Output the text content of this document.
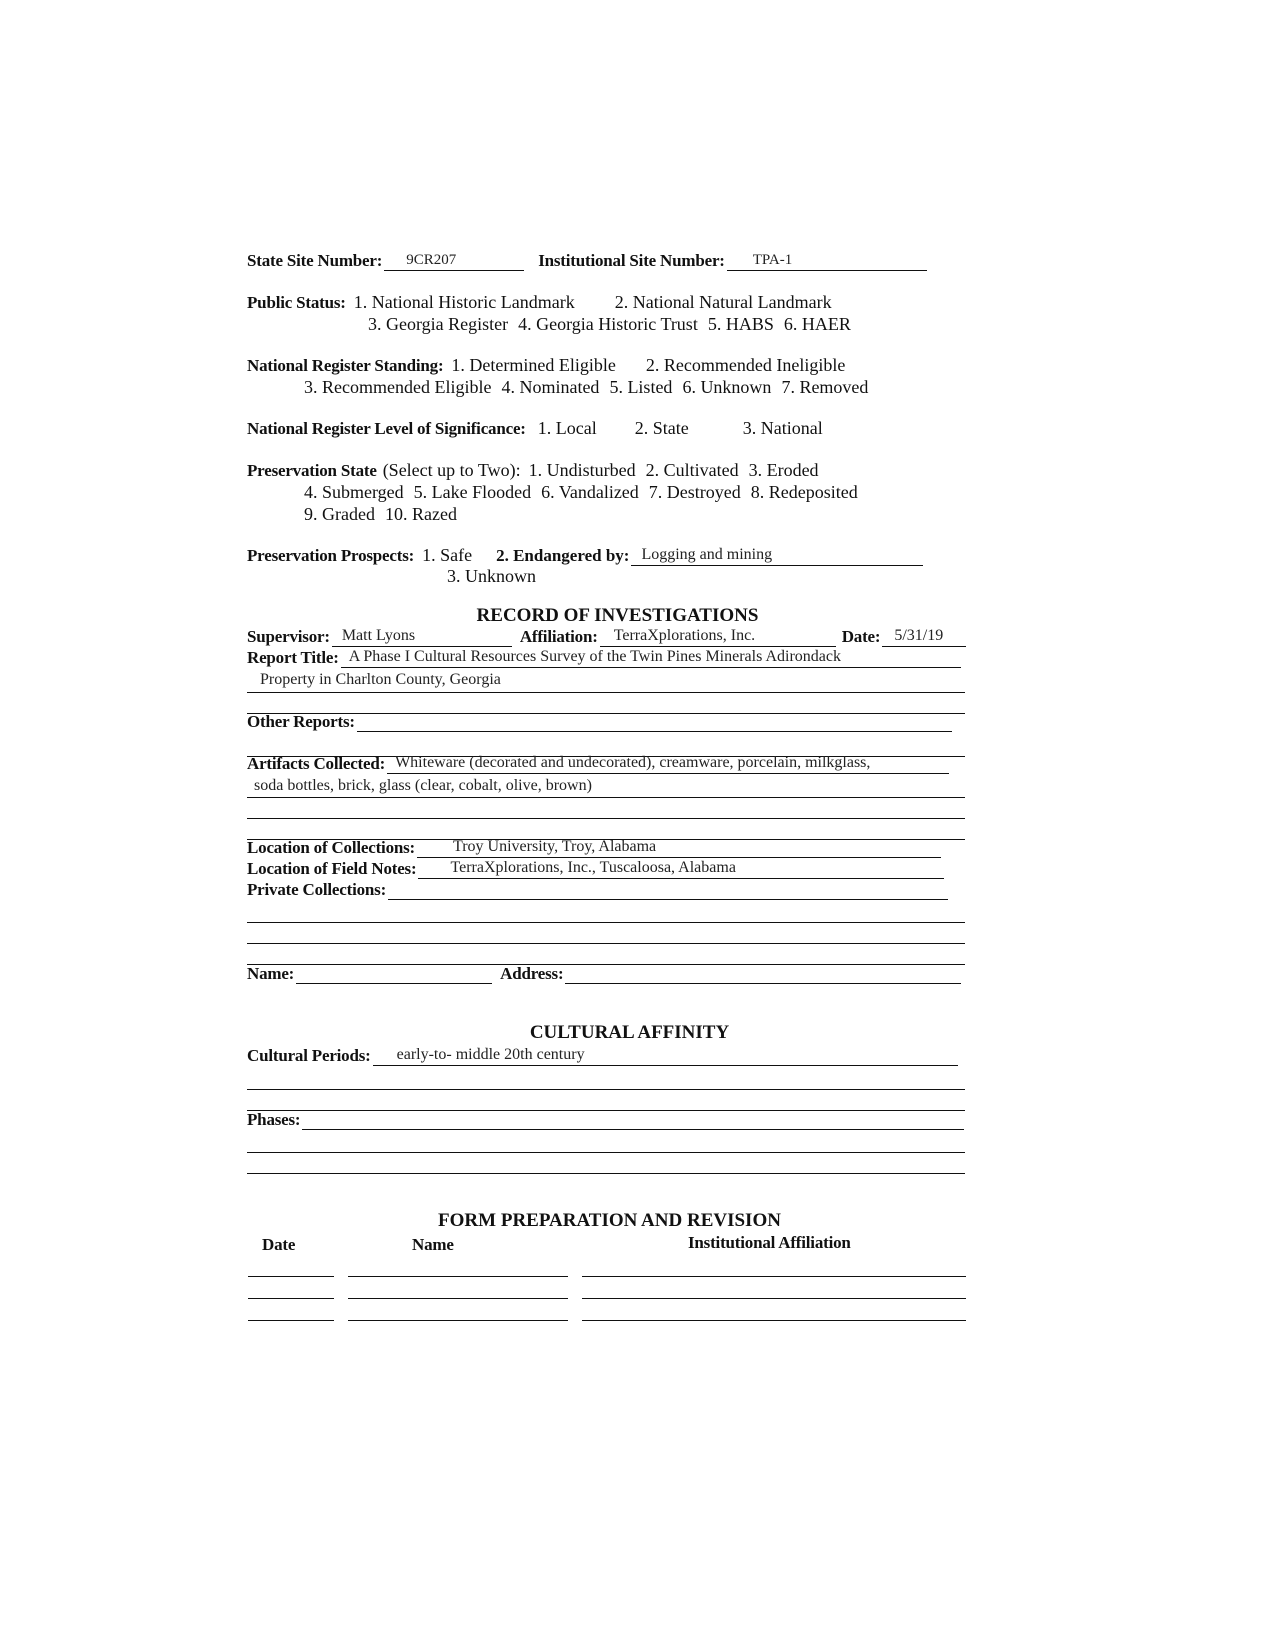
State Site Number: 9CR207	Institutional Site Number: TPA-1
Public Status: 1. National Historic Landmark 2. National Natural Landmark
3. Georgia Register 4. Georgia Historic Trust 5. HABS 6. HAER
National Register Standing: 1. Determined Eligible 2. Recommended Ineligible
3. Recommended Eligible 4. Nominated 5. Listed 6. Unknown 7. Removed
National Register Level of Significance: 1. Local 2. State	3. National
Preservation State (Select up to Two): 1. Undisturbed 2. Cultivated 3. Eroded
4. Submerged 5. Lake Flooded 6. Vandalized 7. Destroyed 8. Redeposited
9. Graded 10. Razed
Preservation Prospects: 1. Safe 2. Endangered by: Logging and mining
3. Unknown
RECORD OF INVESTIGATIONS
Supervisor: Matt Lyons	Affiliation: TerraXplorations, Inc.	Date: 5/31/19
Report Title: A Phase I Cultural Resources Survey of the Twin Pines Minerals Adirondack
Property in Charlton County, Georgia
Other Reports:
Artifacts Collected: Whiteware (decorated and undecorated), creamware, porcelain, milkglass,
soda bottles, brick, glass (clear, cobalt, olive, brown)
Location of Collections: Troy University, Troy, Alabama
Location of Field Notes: TerraXplorations, Inc., Tuscaloosa, Alabama
Private Collections:
Name:	Address:
CULTURAL AFFINITY
Cultural Periods: early-to- middle 20th century
Phases:
FORM PREPARATION AND REVISION
Date	Name	Institutional Affiliation
